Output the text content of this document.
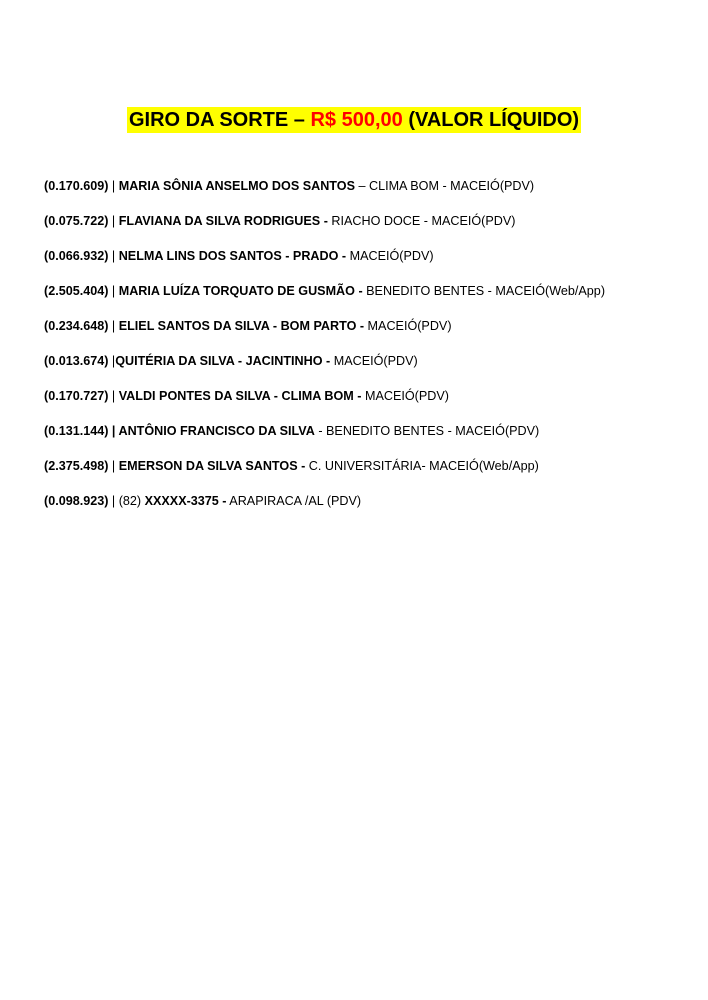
GIRO DA SORTE – R$ 500,00 (VALOR LÍQUIDO)
(0.170.609) | MARIA SÔNIA ANSELMO DOS SANTOS – CLIMA BOM - MACEIÓ(PDV)
(0.075.722) | FLAVIANA DA SILVA RODRIGUES - RIACHO DOCE - MACEIÓ(PDV)
(0.066.932) | NELMA LINS DOS SANTOS - PRADO - MACEIÓ(PDV)
(2.505.404) | MARIA LUÍZA TORQUATO DE GUSMÃO - BENEDITO BENTES - MACEIÓ(Web/App)
(0.234.648) | ELIEL SANTOS DA SILVA - BOM PARTO - MACEIÓ(PDV)
(0.013.674) |QUITÉRIA DA SILVA - JACINTINHO - MACEIÓ(PDV)
(0.170.727) | VALDI PONTES DA SILVA - CLIMA BOM - MACEIÓ(PDV)
(0.131.144) | ANTÔNIO FRANCISCO DA SILVA - BENEDITO BENTES - MACEIÓ(PDV)
(2.375.498) | EMERSON DA SILVA SANTOS - C. UNIVERSITÁRIA- MACEIÓ(Web/App)
(0.098.923) | (82) XXXXX-3375 - ARAPIRACA /AL (PDV)
